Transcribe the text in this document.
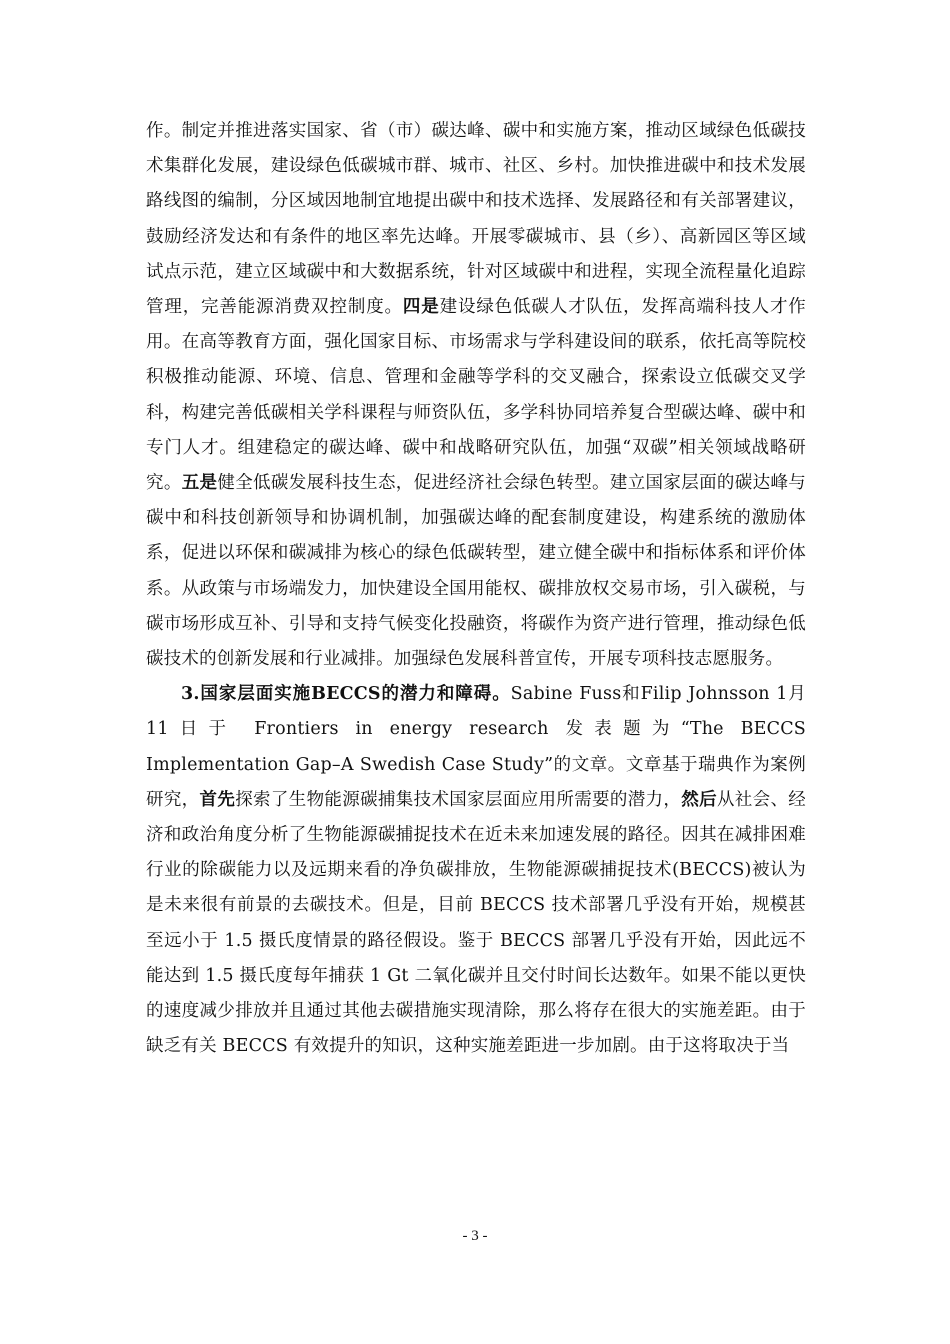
作。制定并推进落实国家、省（市）碳达峰、碳中和实施方案，推动区域绿色低碳技术集群化发展，建设绿色低碳城市群、城市、社区、乡村。加快推进碳中和技术发展路线图的编制，分区域因地制宜地提出碳中和技术选择、发展路径和有关部署建议，鼓励经济发达和有条件的地区率先达峰。开展零碳城市、县（乡）、高新园区等区域试点示范，建立区域碳中和大数据系统，针对区域碳中和进程，实现全流程量化追踪管理，完善能源消费双控制度。四是建设绿色低碳人才队伍，发挥高端科技人才作用。在高等教育方面，强化国家目标、市场需求与学科建设间的联系，依托高等院校积极推动能源、环境、信息、管理和金融等学科的交叉融合，探索设立低碳交叉学科，构建完善低碳相关学科课程与师资队伍，多学科协同培养复合型碳达峰、碳中和专门人才。组建稳定的碳达峰、碳中和战略研究队伍，加强“双碳”相关领域战略研究。五是健全低碳发展科技生态，促进经济社会绿色转型。建立国家层面的碳达峰与碳中和科技创新领导和协调机制，加强碳达峰的配套制度建设，构建系统的激励体系，促进以环保和碳减排为核心的绿色低碳转型，建立健全碳中和指标体系和评价体系。从政策与市场端发力，加快建设全国用能权、碳排放权交易市场，引入碳税，与碳市场形成互补、引导和支持气候变化投融资，将碳作为资产进行管理，推动绿色低碳技术的创新发展和行业减排。加强绿色发展科普宣传，开展专项科技志愿服务。

3.国家层面实施BECCS的潜力和障碍。Sabine Fuss和Filip Johnsson 1月11日于 Frontiers in energy research 发表题为“The BECCS Implementation Gap–A Swedish Case Study”的文章。文章基于瑞典作为案例研究，首先探索了生物能源碳捕集技术国家层面应用所需要的潜力，然后从社会、经济和政治角度分析了生物能源碳捕捉技术在近未来加速发展的路径。因其在减排困难行业的除碳能力以及远期来看的净负碳排放，生物能源碳捕捉技术(BECCS)被认为是未来很有前景的去碳技术。但是，目前 BECCS 技术部署几乎没有开始，规模甚至远小于 1.5 摄氏度情景的路径假设。鉴于 BECCS 部署几乎没有开始，因此远不能达到 1.5 摄氏度每年捕获 1 Gt 二氧化碳并且交付时间长达数年。如果不能以更快的速度减少排放并且通过其他去碳措施实现清除，那么将存在很大的实施差距。由于缺乏有关 BECCS 有效提升的知识，这种实施差距进一步加剧。由于这将取决于当

- 3 -
